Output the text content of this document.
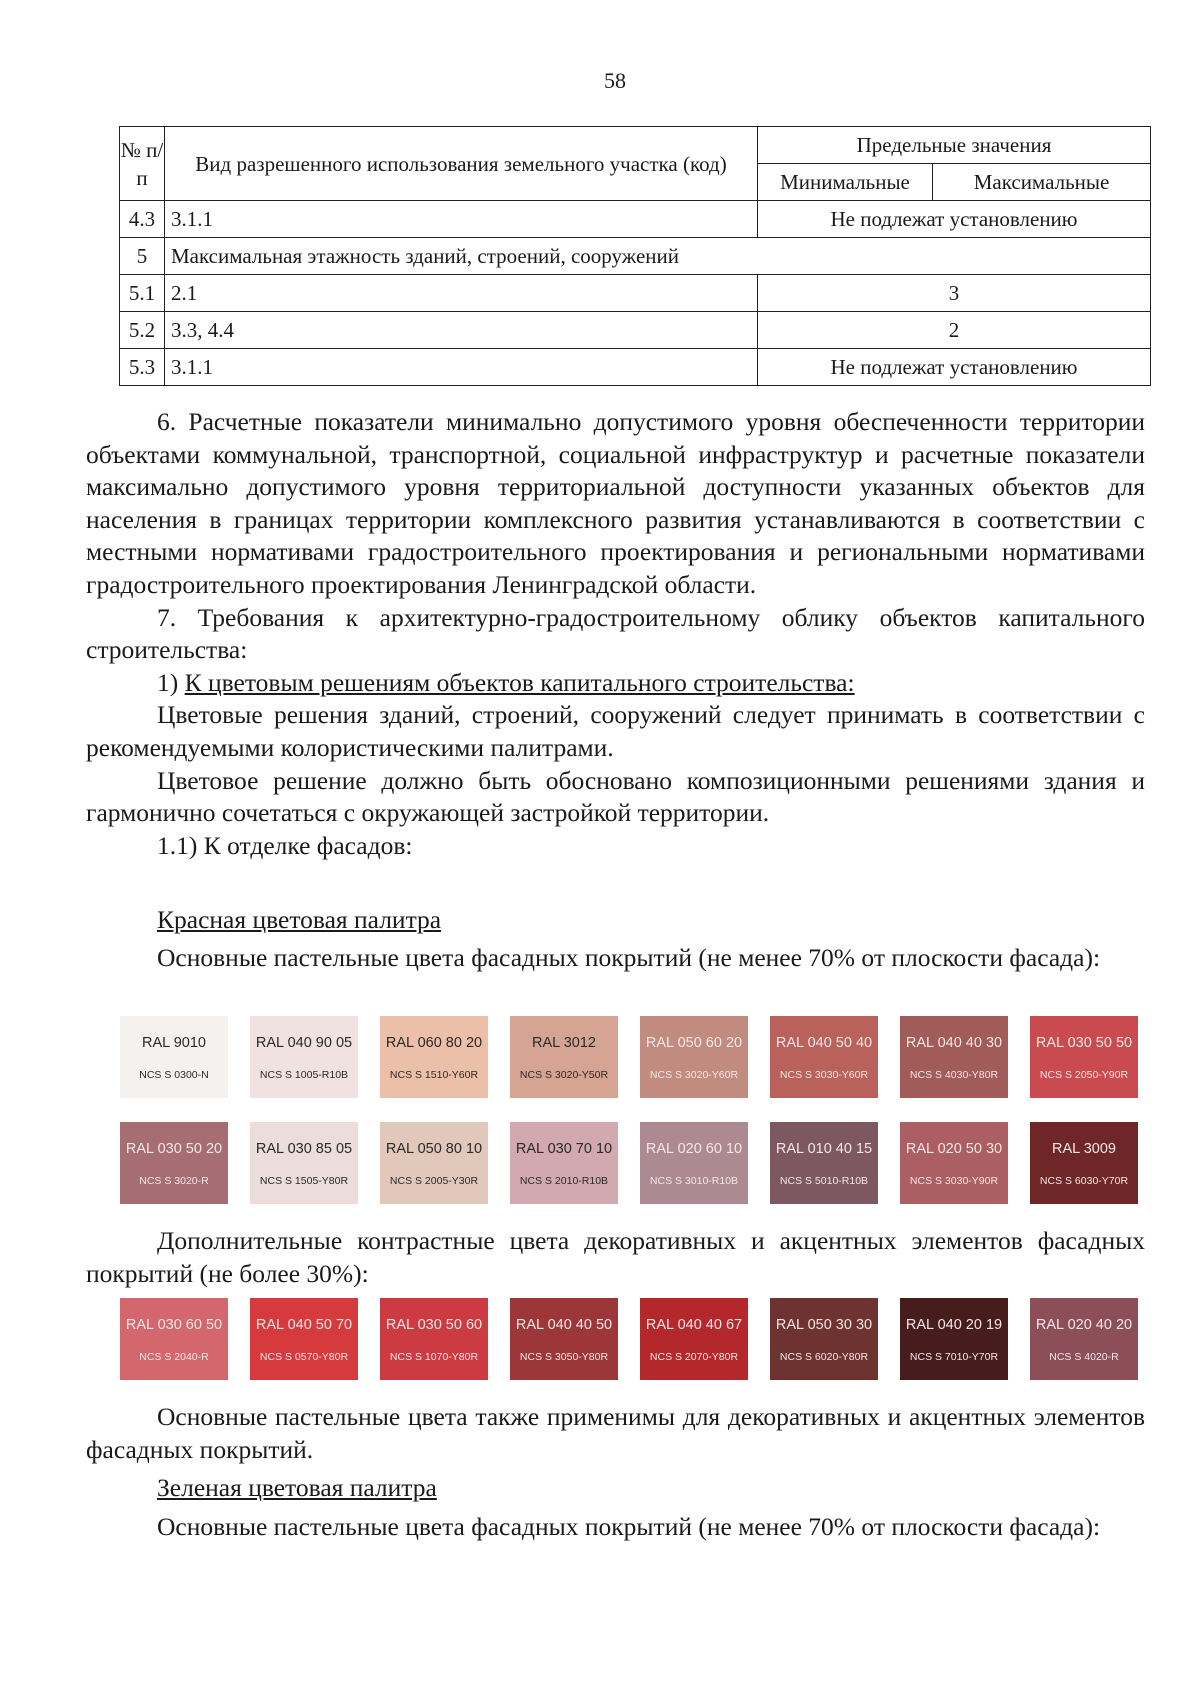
58
№ п/п	Вид разрешенного использования земельного участка (код)	Предельные значения	
		Минимальные	Максимальные
4.3	3.1.1	Не подлежат установлению	
5	Максимальная этажность зданий, строений, сооружений		
5.1	2.1	3	
5.2	3.3, 4.4	2	
5.3	3.1.1	Не подлежат установлению	

6. Расчетные показатели минимально допустимого уровня обеспеченности территории объектами коммунальной, транспортной, социальной инфраструктур и расчетные показатели максимально допустимого уровня территориальной доступности указанных объектов для населения в границах территории комплексного развития устанавливаются в соответствии с местными нормативами градостроительного проектирования и региональными нормативами градостроительного проектирования Ленинградской области.

7. Требования к архитектурно-градостроительному облику объектов капитального строительства:

1) К цветовым решениям объектов капитального строительства:

Цветовые решения зданий, строений, сооружений следует принимать в соответствии с рекомендуемыми колористическими палитрами.

Цветовое решение должно быть обосновано композиционными решениями здания и гармонично сочетаться с окружающей застройкой территории.

1.1) К отделке фасадов:

Красная цветовая палитра

Основные пастельные цвета фасадных покрытий (не менее 70% от плоскости фасада):

RAL 9010
NCS S 0300-N
RAL 040 90 05
NCS S 1005-R10B
RAL 060 80 20
NCS S 1510-Y60R
RAL 3012
NCS S 3020-Y50R
RAL 050 60 20
NCS S 3020-Y60R
RAL 040 50 40
NCS S 3030-Y60R
RAL 040 40 30
NCS S 4030-Y80R
RAL 030 50 50
NCS S 2050-Y90R
RAL 030 50 20
NCS S 3020-R
RAL 030 85 05
NCS S 1505-Y80R
RAL 050 80 10
NCS S 2005-Y30R
RAL 030 70 10
NCS S 2010-R10B
RAL 020 60 10
NCS S 3010-R10B
RAL 010 40 15
NCS S 5010-R10B
RAL 020 50 30
NCS S 3030-Y90R
RAL 3009
NCS S 6030-Y70R

Дополнительные контрастные цвета декоративных и акцентных элементов фасадных покрытий (не более 30%):

RAL 030 60 50
NCS S 2040-R
RAL 040 50 70
NCS S 0570-Y80R
RAL 030 50 60
NCS S 1070-Y80R
RAL 040 40 50
NCS S 3050-Y80R
RAL 040 40 67
NCS S 2070-Y80R
RAL 050 30 30
NCS S 6020-Y80R
RAL 040 20 19
NCS S 7010-Y70R
RAL 020 40 20
NCS S 4020-R

Основные пастельные цвета также применимы для декоративных и акцентных элементов фасадных покрытий.

Зеленая цветовая палитра

Основные пастельные цвета фасадных покрытий (не менее 70% от плоскости фасада):
